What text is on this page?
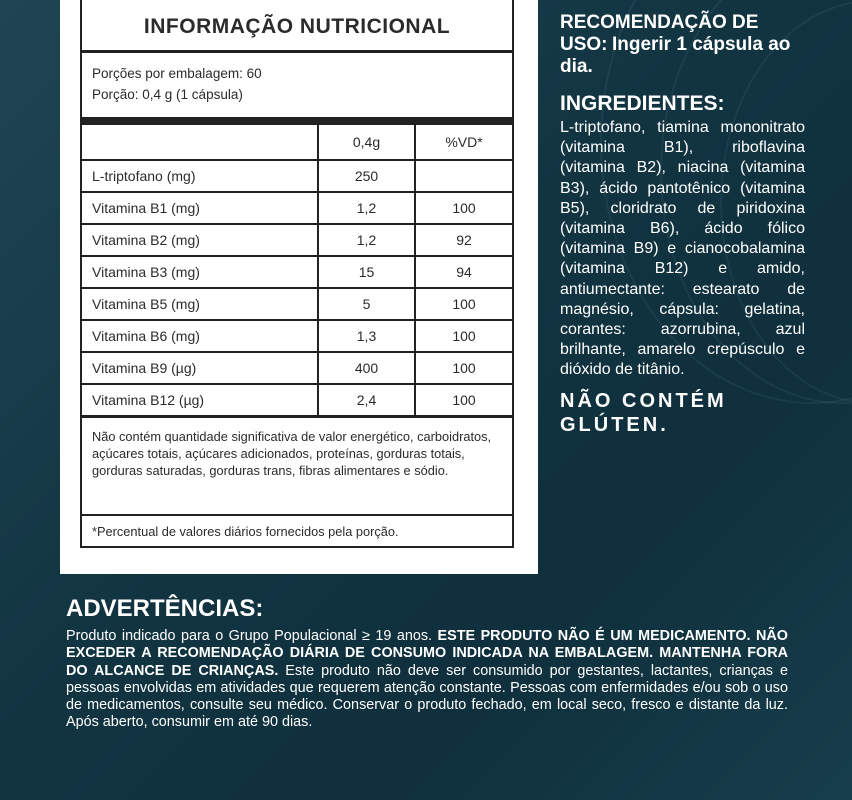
INFORMAÇÃO NUTRICIONAL
Porções por embalagem: 60
Porção: 0,4 g (1 cápsula)
	0,4g	%VD*
L-triptofano (mg)	250	
Vitamina B1 (mg)	1,2	100
Vitamina B2 (mg)	1,2	92
Vitamina B3 (mg)	15	94
Vitamina B5 (mg)	5	100
Vitamina B6 (mg)	1,3	100
Vitamina B9 (µg)	400	100
Vitamina B12 (µg)	2,4	100
Não contém quantidade significativa de valor energético, carboidratos, açúcares totais, açúcares adicionados, proteínas, gorduras totais, gorduras saturadas, gorduras trans, fibras alimentares e sódio.
*Percentual de valores diários fornecidos pela porção.
RECOMENDAÇÃO DE USO: Ingerir 1 cápsula ao dia.
INGREDIENTES:
L-triptofano, tiamina mononitrato (vitamina B1), riboflavina (vitamina B2), niacina (vitamina B3), ácido pantotênico (vitamina B5), cloridrato de piridoxina (vitamina B6), ácido fólico (vitamina B9) e cianocobalamina (vitamina B12) e amido, antiumectante: estearato de magnésio, cápsula: gelatina, corantes: azorrubina, azul brilhante, amarelo crepúsculo e dióxido de titânio.
NÃO CONTÉM GLÚTEN.
ADVERTÊNCIAS:
Produto indicado para o Grupo Populacional ≥ 19 anos. ESTE PRODUTO NÃO É UM MEDICAMENTO. NÃO EXCEDER A RECOMENDAÇÃO DIÁRIA DE CONSUMO INDICADA NA EMBALAGEM. MANTENHA FORA DO ALCANCE DE CRIANÇAS. Este produto não deve ser consumido por gestantes, lactantes, crianças e pessoas envolvidas em atividades que requerem atenção constante. Pessoas com enfermidades e/ou sob o uso de medicamentos, consulte seu médico. Conservar o produto fechado, em local seco, fresco e distante da luz. Após aberto, consumir em até 90 dias.
